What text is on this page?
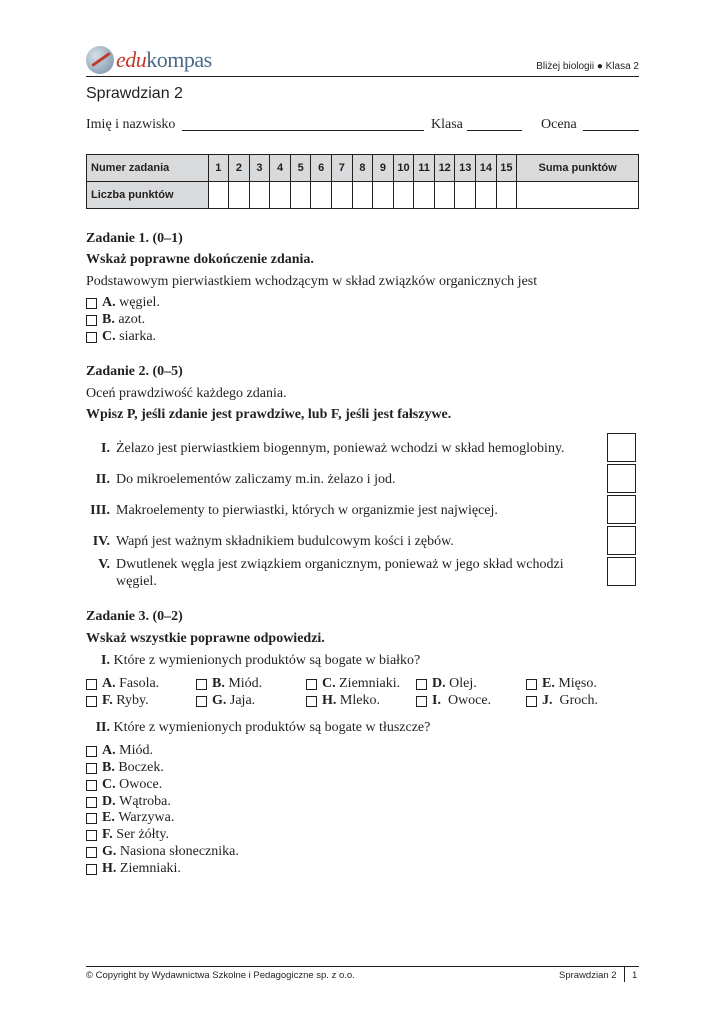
edu kompas	Bliżej biologii ● Klasa 2
Sprawdzian 2
Imię i nazwisko	Klasa	Ocena
Numer zadania	1	2	3	4	5	6	7	8	9	10	11	12	13	14	15	Suma punktów
Liczba punktów																
Zadanie 1. (0–1)
Wskaż poprawne dokończenie zdania.
Podstawowym pierwiastkiem wchodzącym w skład związków organicznych jest
A.
węgiel.
B.
azot.
C.
siarka.
Zadanie 2. (0–5)
Oceń prawdziwość każdego zdania.
Wpisz P, jeśli zdanie jest prawdziwe, lub F, jeśli jest fałszywe.
I. Żelazo jest pierwiastkiem biogennym, ponieważ wchodzi w skład hemoglobiny.
II. Do mikroelementów zaliczamy m.in. żelazo i jod.
III. Makroelementy to pierwiastki, których w organizmie jest najwięcej.
IV. Wapń jest ważnym składnikiem budulcowym kości i zębów.
V. Dwutlenek węgla jest związkiem organicznym, ponieważ w jego skład wchodzi
węgiel.
Zadanie 3. (0–2)
Wskaż wszystkie poprawne odpowiedzi.
I. Które z wymienionych produktów są bogate w białko?
A.
Fasola.	B.
Miód.	C.
Ziemniaki. D.
Olej.	E.
Mięso.
F.
Ryby.	G.
Jaja.	H.
Mleko.	I.
Owoce.	J.
Groch.
II. Które z wymienionych produktów są bogate w tłuszcze?
A.
Miód.
B.
Boczek.
C.
Owoce.
D.
Wątroba.
E.
Warzywa.
F.
Ser żółty.
G.
Nasiona słonecznika.
H.
Ziemniaki.
© Copyright by Wydawnictwa Szkolne i Pedagogiczne sp. z o.o.	Sprawdzian 2 1
